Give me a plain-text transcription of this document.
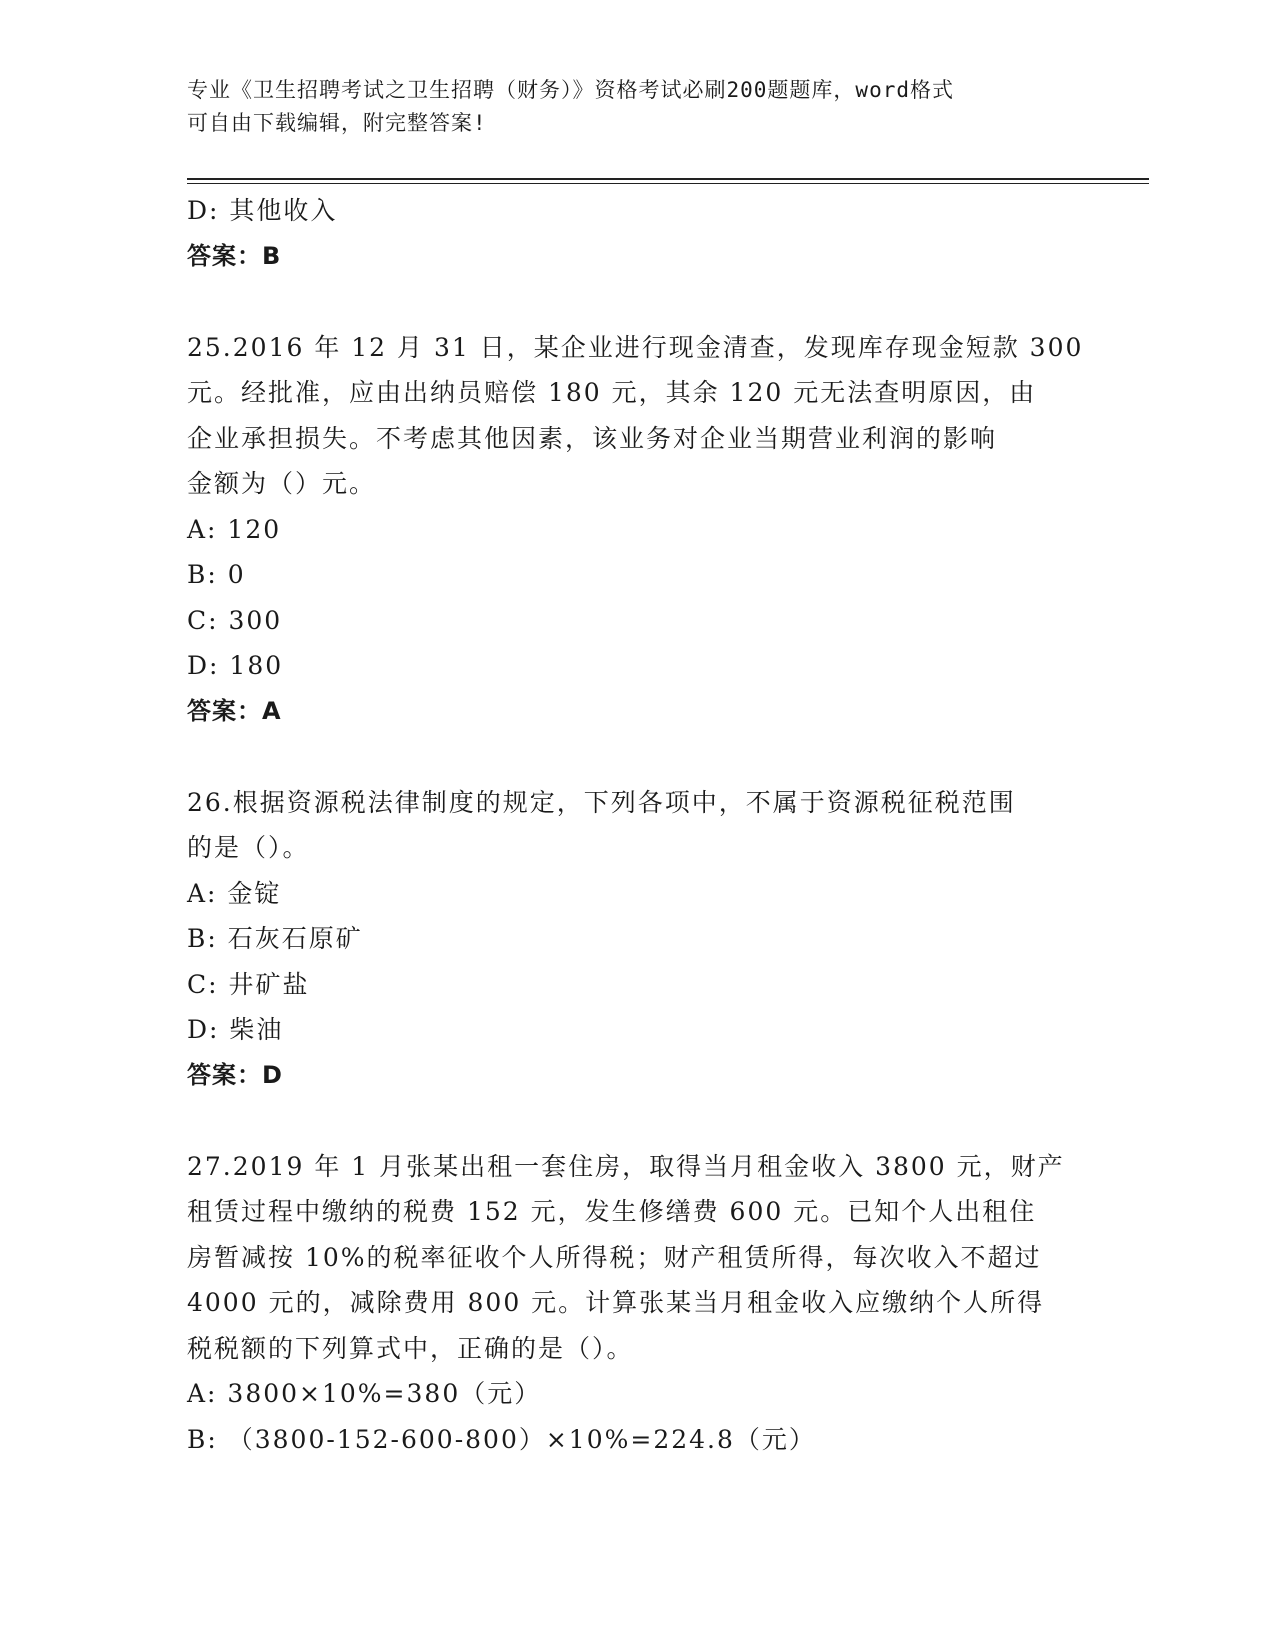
专业《卫生招聘考试之卫生招聘（财务）》资格考试必刷200题题库，word格式
可自由下载编辑，附完整答案!
D: 其他收入
答案：B
25.2016 年 12 月 31 日，某企业进行现金清查，发现库存现金短款 300
元。经批准，应由出纳员赔偿 180 元，其余 120 元无法查明原因，由
企业承担损失。不考虑其他因素，该业务对企业当期营业利润的影响
金额为（）元。
A: 120
B: 0
C: 300
D: 180
答案：A
26.根据资源税法律制度的规定，下列各项中，不属于资源税征税范围
的是（）。
A: 金锭
B: 石灰石原矿
C: 井矿盐
D: 柴油
答案：D
27.2019 年 1 月张某出租一套住房，取得当月租金收入 3800 元，财产
租赁过程中缴纳的税费 152 元，发生修缮费 600 元。已知个人出租住
房暂减按 10%的税率征收个人所得税；财产租赁所得，每次收入不超过
4000 元的，减除费用 800 元。计算张某当月租金收入应缴纳个人所得
税税额的下列算式中，正确的是（）。
A: 3800×10%=380（元）
B: （3800-152-600-800）×10%=224.8（元）
